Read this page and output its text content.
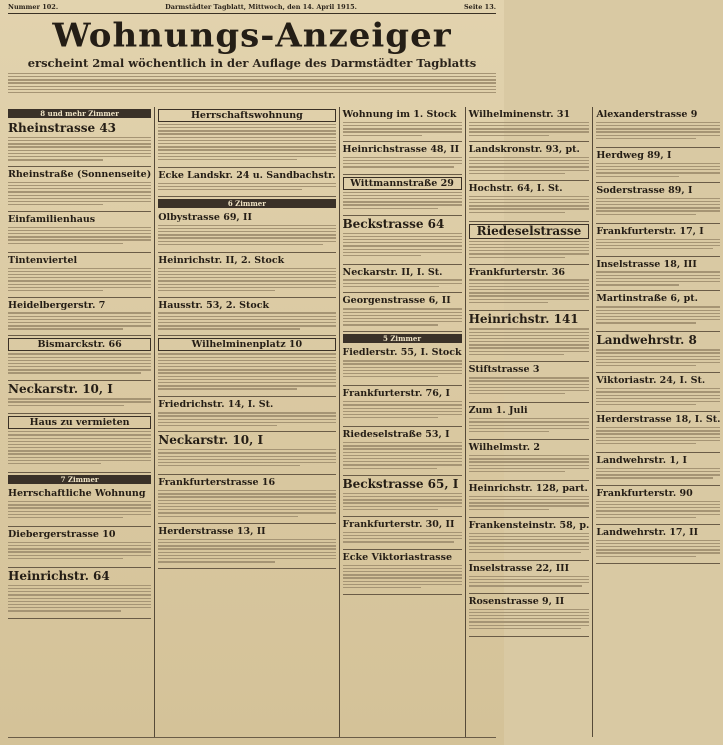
Nummer 102.	Darmstädter Tagblatt, Mittwoch, den 14. April 1915.	Seite 13.
Wohnungs-Anzeiger
erscheint 2mal wöchentlich in der Auflage des Darmstädter Tagblatts
8 und mehr Zimmer
Rheinstrasse 43
Rheinstraße (Sonnenseite)
Einfamilienhaus
Tintenviertel
Heidelbergerstr. 7
Bismarckstr. 66
Neckarstr. 10, I
Haus zu vermieten
7 Zimmer
Herrschaftliche Wohnung
Diebergerstrasse 10
Heinrichstr. 64
Herrschaftswohnung
Ecke Landskr. 24 u. Sandbachstr.
6 Zimmer
Olbystrasse 69, II
Heinrichstr. II, 2. Stock
Hausstr. 53, 2. Stock
Wilhelminenplatz 10
Friedrichstr. 14, I. St.
Neckarstr. 10, I
Frankfurterstrasse 16
Herderstrasse 13, II
Wohnung im 1. Stock
Heinrichstrasse 48, II
Wittmannstraße 29
Beckstrasse 64
Neckarstr. II, I. St.
Georgenstrasse 6, II
5 Zimmer
Fiedlerstr. 55, I. Stock
Frankfurterstr. 76, I
Riedeselstraße 53, I
Beckstrasse 65, I
Frankfurterstr. 30, II
Ecke Viktoriastrasse
Wilhelminenstr. 31
Landskronstr. 93, pt.
Hochstr. 64, I. St.
Riedeselstrasse
Frankfurterstr. 36
Heinrichstr. 141
Stiftstrasse 3
Zum 1. Juli
Wilhelmstr. 2
Heinrichstr. 128, part.
Frankensteinstr. 58, p.
Inselstrasse 22, III
Rosenstrasse 9, II
Alexanderstrasse 9
Herdweg 89, I
Soderstrasse 89, I
Frankfurterstr. 17, I
Inselstrasse 18, III
Martinstraße 6, pt.
Landwehrstr. 8
Viktoriastr. 24, I. St.
Herderstrasse 18, I. St.
Landwehrstr. 1, I
Frankfurterstr. 90
Landwehrstr. 17, II
